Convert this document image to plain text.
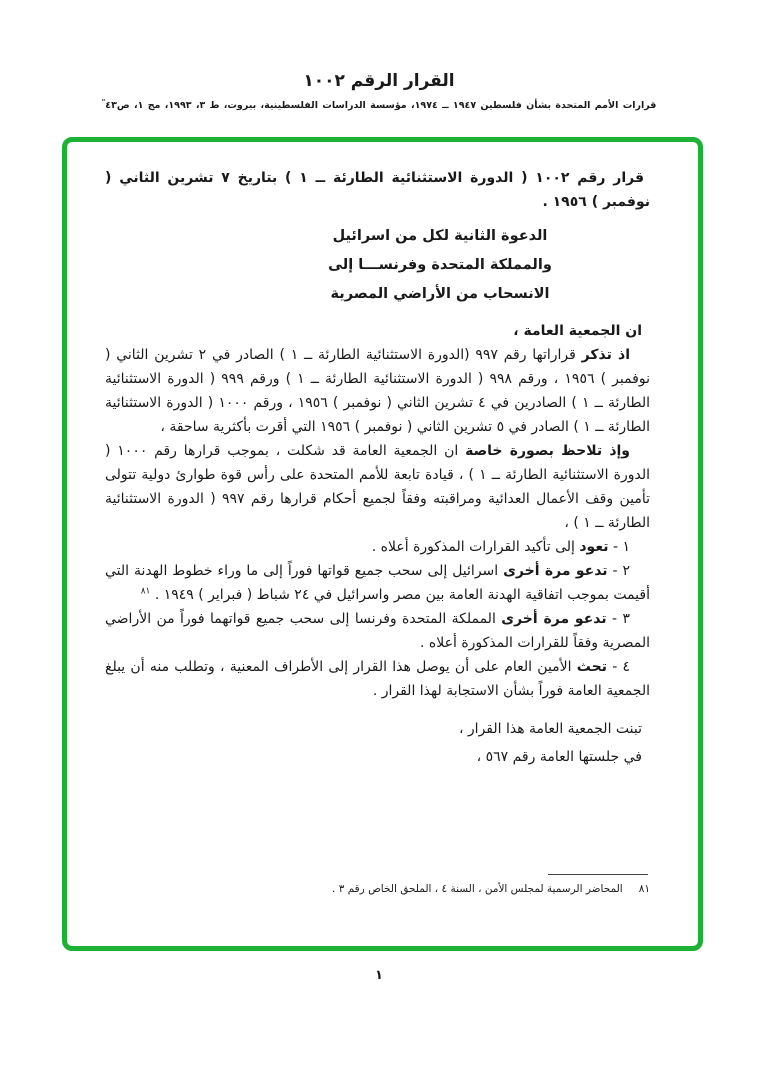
القرار الرقم ١٠٠٢
قرارات الأمم المتحدة بشأن فلسطين ١٩٤٧ ــ ١٩٧٤، مؤسسة الدراسات الفلسطينية، بيروت، ط ٣، ١٩٩٣، مج ١، ص٤٣"

قرار رقم ١٠٠٢ ( الدورة الاستثنائية الطارئة ــ ١ ) بتاريخ ٧ تشرين الثاني ( نوفمبر ) ١٩٥٦ .

الدعوة الثانية لكل من اسرائيل
والمملكة المتحدة وفرنســـا إلى
الانسحاب من الأراضي المصرية

ان الجمعية العامة ،

اذ تذكر قراراتها رقم ٩٩٧ (الدورة الاستثنائية الطارئة ــ ١ ) الصادر في ٢ تشرين الثاني ( نوفمبر ) ١٩٥٦ ، ورقم ٩٩٨ ( الدورة الاستثنائية الطارئة ــ ١ ) ورقم ٩٩٩ ( الدورة الاستثنائية الطارئة ــ ١ ) الصادرين في ٤ تشرين الثاني ( نوفمبر ) ١٩٥٦ ، ورقم ١٠٠٠ ( الدورة الاستثنائية الطارئة ــ ١ ) الصادر في ٥ تشرين الثاني ( نوفمبر ) ١٩٥٦ التي أقرت بأكثرية ساحقة ،

وإذ تلاحظ بصورة خاصة ان الجمعية العامة قد شكلت ، بموجب قرارها رقم ١٠٠٠ ( الدورة الاستثنائية الطارئة ــ ١ ) ، قيادة تابعة للأمم المتحدة على رأس قوة طوارئ دولية تتولى تأمين وقف الأعمال العدائية ومراقبته وفقاً لجميع أحكام قرارها رقم ٩٩٧ ( الدورة الاستثنائية الطارئة ــ ١ ) ،

١ - تعود إلى تأكيد القرارات المذكورة أعلاه .

٢ - تدعو مرة أخرى اسرائيل إلى سحب جميع قواتها فوراً إلى ما وراء خطوط الهدنة التي أقيمت بموجب اتفاقية الهدنة العامة بين مصر واسرائيل في ٢٤ شباط ( فبراير ) ١٩٤٩ . $^{٨١}$

٣ - تدعو مرة أخرى المملكة المتحدة وفرنسا إلى سحب جميع قواتهما فوراً من الأراضي المصرية وفقاً للقرارات المذكورة أعلاه .

٤ - تحث الأمين العام على أن يوصل هذا القرار إلى الأطراف المعنية ، وتطلب منه أن يبلغ الجمعية العامة فوراً بشأن الاستجابة لهذا القرار .

تبنت الجمعية العامة هذا القرار ،

في جلستها العامة رقم ٥٦٧ ،

٨١المحاضر الرسمية لمجلس الأمن ، السنة ٤ ، الملحق الخاص رقم ٣ .
١
